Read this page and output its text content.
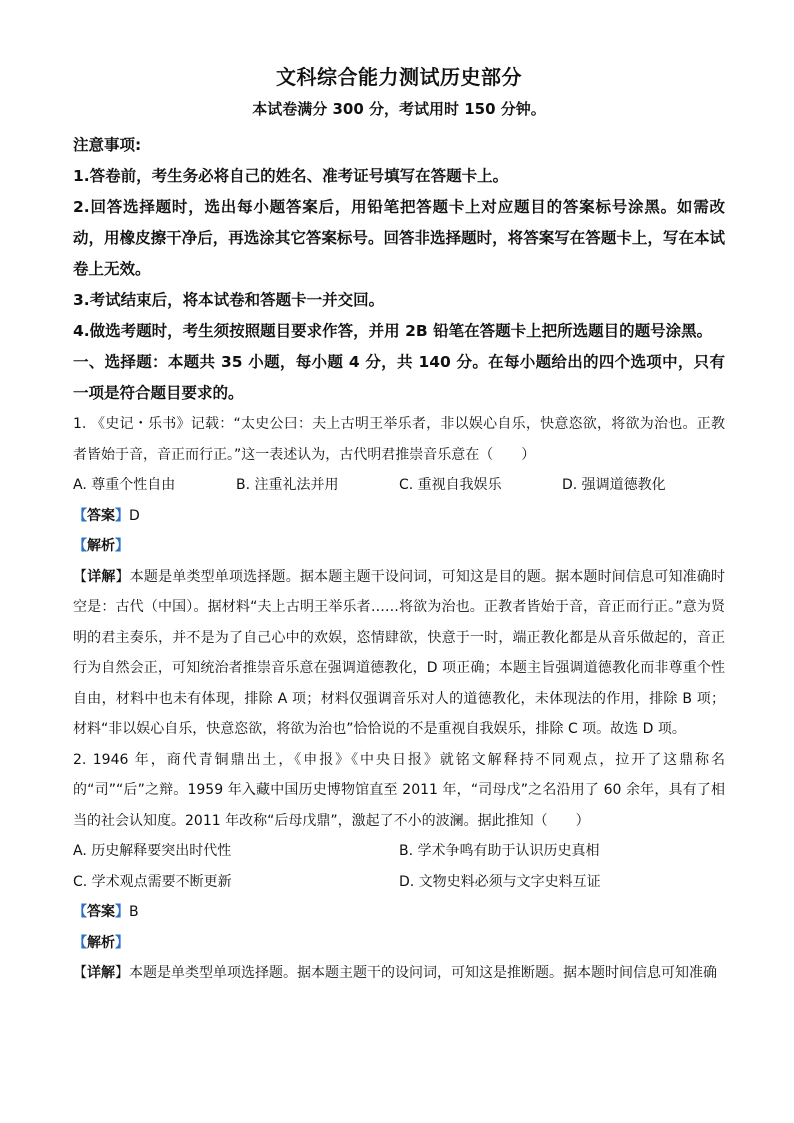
文科综合能力测试历史部分
本试卷满分 300 分，考试用时 150 分钟。

注意事项:

1.答卷前，考生务必将自己的姓名、准考证号填写在答题卡上。

2.回答选择题时，选出每小题答案后，用铅笔把答题卡上对应题目的答案标号涂黑。如需改动，用橡皮擦干净后，再选涂其它答案标号。回答非选择题时，将答案写在答题卡上，写在本试卷上无效。

3.考试结束后，将本试卷和答题卡一并交回。

4.做选考题时，考生须按照题目要求作答，并用 2B 铅笔在答题卡上把所选题目的题号涂黑。

一、选择题：本题共 35 小题，每小题 4 分，共 140 分。在每小题给出的四个选项中，只有一项是符合题目要求的。

1. 《史记・乐书》记载：“太史公曰：夫上古明王举乐者，非以娱心自乐，快意恣欲，将欲为治也。正教者皆始于音，音正而行正。”这一表述认为，古代明君推崇音乐意在（　　）

A. 尊重个性自由	B. 注重礼法并用	C. 重视自我娱乐	D. 强调道德教化

【答案】D

【解析】

【详解】本题是单类型单项选择题。据本题主题干设问词，可知这是目的题。据本题时间信息可知准确时空是：古代（中国）。据材料“夫上古明王举乐者……将欲为治也。正教者皆始于音，音正而行正。”意为贤明的君主奏乐，并不是为了自己心中的欢娱，恣情肆欲，快意于一时，端正教化都是从音乐做起的，音正行为自然会正，可知统治者推崇音乐意在强调道德教化，D 项正确；本题主旨强调道德教化而非尊重个性自由，材料中也未有体现，排除 A 项；材料仅强调音乐对人的道德教化，未体现法的作用，排除 B 项；材料“非以娱心自乐，快意恣欲，将欲为治也”恰恰说的不是重视自我娱乐，排除 C 项。故选 D 项。

2. 1946 年，商代青铜鼎出土，《申报》《中央日报》就铭文解释持不同观点，拉开了这鼎称名的“司”“后”之辩。1959 年入藏中国历史博物馆直至 2011 年，“司母戊”之名沿用了 60 余年，具有了相当的社会认知度。2011 年改称“后母戊鼎”，激起了不小的波澜。据此推知（　　）

A. 历史解释要突出时代性	B. 学术争鸣有助于认识历史真相
C. 学术观点需要不断更新	D. 文物史料必须与文字史料互证

【答案】B

【解析】

【详解】本题是单类型单项选择题。据本题主题干的设问词，可知这是推断题。据本题时间信息可知准确
